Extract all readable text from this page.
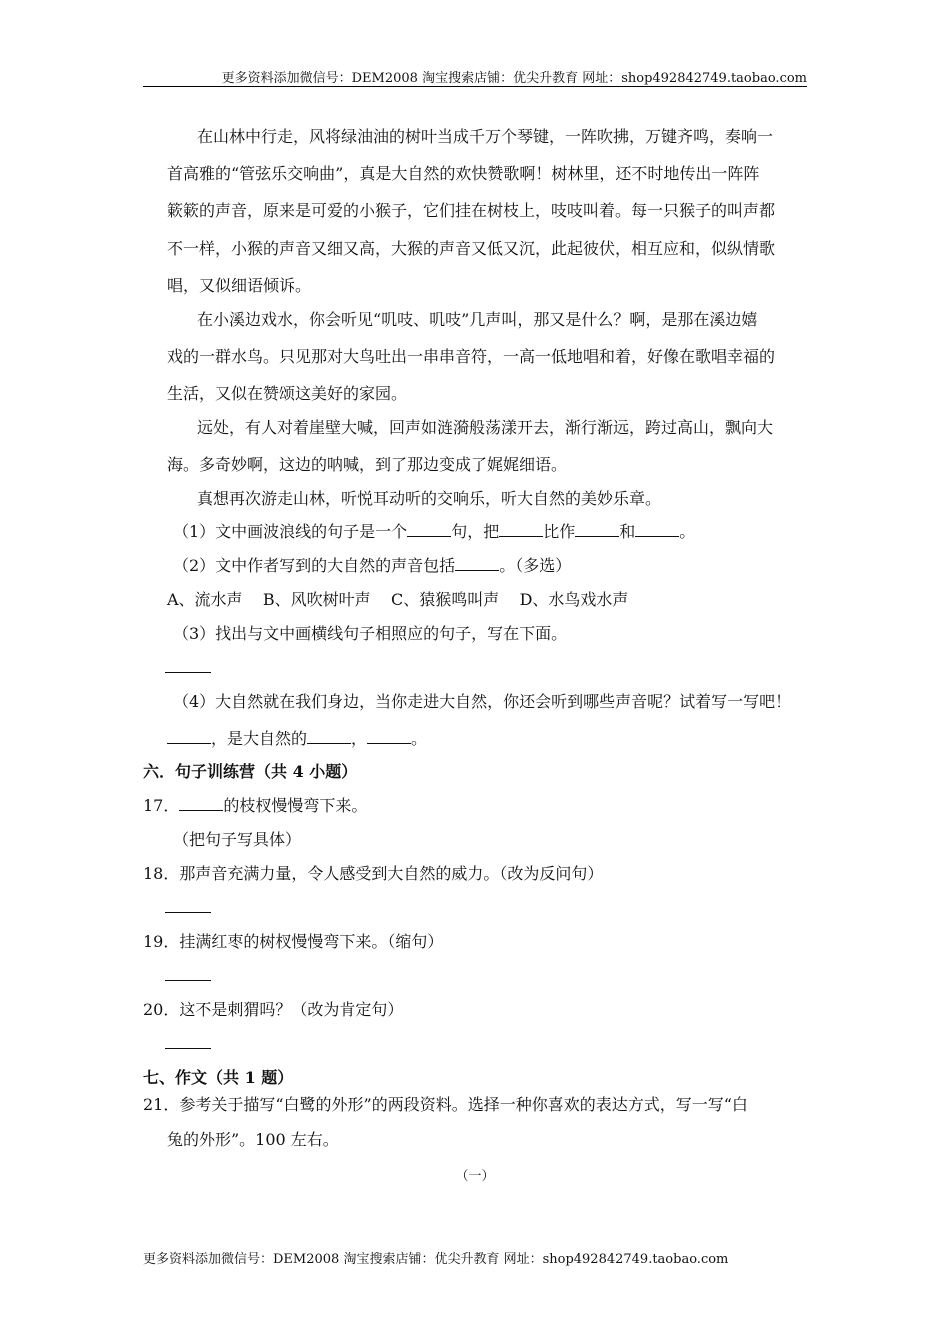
更多资料添加微信号：DEM2008 淘宝搜索店铺：优尖升教育 网址：shop492842749.taobao.com
在山林中行走，风将绿油油的树叶当成千万个琴键，一阵吹拂，万键齐鸣，奏响一
首高雅的“管弦乐交响曲”，真是大自然的欢快赞歌啊！树林里，还不时地传出一阵阵
簌簌的声音，原来是可爱的小猴子，它们挂在树枝上，吱吱叫着。每一只猴子的叫声都
不一样，小猴的声音又细又高，大猴的声音又低又沉，此起彼伏，相互应和，似纵情歌
唱，又似细语倾诉。
在小溪边戏水，你会听见“叽吱、叽吱”几声叫，那又是什么？啊，是那在溪边嬉
戏的一群水鸟。只见那对大鸟吐出一串串音符，一高一低地唱和着，好像在歌唱幸福的
生活，又似在赞颂这美好的家园。
远处，有人对着崖壁大喊，回声如涟漪般荡漾开去，渐行渐远，跨过高山，飘向大
海。多奇妙啊，这边的呐喊，到了那边变成了娓娓细语。
真想再次游走山林，听悦耳动听的交响乐，听大自然的美妙乐章。
（1）文中画波浪线的句子是一个	句，把	比作	和	。
（2）文中作者写到的大自然的声音包括	。（多选）
A、流水声    B、风吹树叶声    C、猿猴鸣叫声    D、水鸟戏水声
（3）找出与文中画横线句子相照应的句子，写在下面。
（4）大自然就在我们身边，当你走进大自然，你还会听到哪些声音呢？试着写一写吧！
，是大自然的	，	。
六．句子训练营（共 4 小题）
17．	的枝杈慢慢弯下来。
（把句子写具体）
18．那声音充满力量，令人感受到大自然的威力。（改为反问句）
19．挂满红枣的树杈慢慢弯下来。（缩句）
20．这不是刺猬吗？（改为肯定句）
七、作文（共 1 题）
21．参考关于描写“白鹭的外形”的两段资料。选择一种你喜欢的表达方式，写一写“白
兔的外形”。100 左右。
（一）
更多资料添加微信号：DEM2008 淘宝搜索店铺：优尖升教育 网址：shop492842749.taobao.com
